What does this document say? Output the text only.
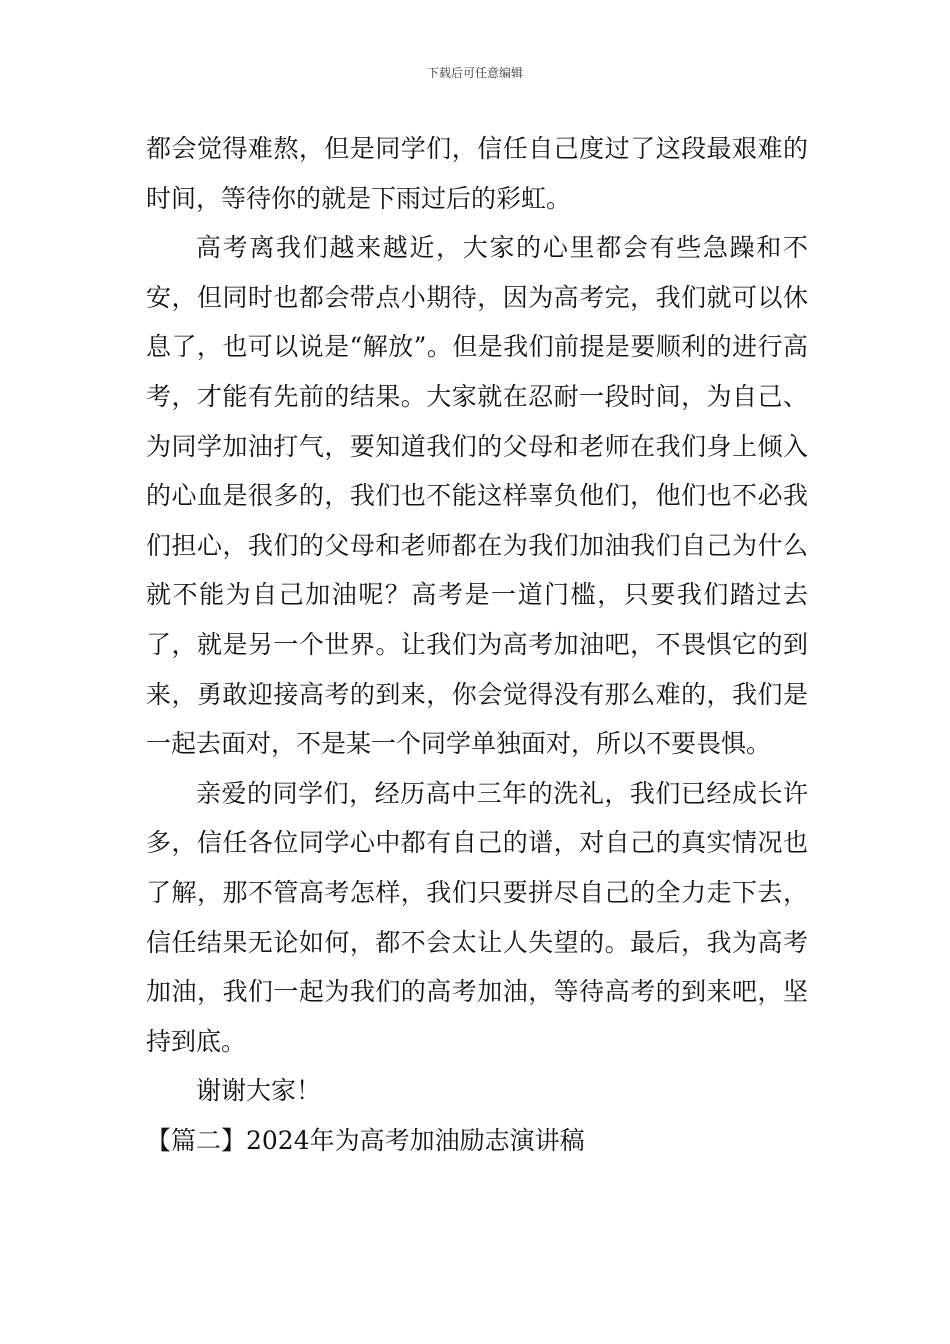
下载后可任意编辑

都会觉得难熬，但是同学们，信任自己度过了这段最艰难的时间，等待你的就是下雨过后的彩虹。

高考离我们越来越近，大家的心里都会有些急躁和不安，但同时也都会带点小期待，因为高考完，我们就可以休息了，也可以说是“解放”。但是我们前提是要顺利的进行高考，才能有先前的结果。大家就在忍耐一段时间，为自己、为同学加油打气，要知道我们的父母和老师在我们身上倾入的心血是很多的，我们也不能这样辜负他们，他们也不必我们担心，我们的父母和老师都在为我们加油我们自己为什么就不能为自己加油呢？高考是一道门槛，只要我们踏过去了，就是另一个世界。让我们为高考加油吧，不畏惧它的到来，勇敢迎接高考的到来，你会觉得没有那么难的，我们是一起去面对，不是某一个同学单独面对，所以不要畏惧。

亲爱的同学们，经历高中三年的洗礼，我们已经成长许多，信任各位同学心中都有自己的谱，对自己的真实情况也了解，那不管高考怎样，我们只要拼尽自己的全力走下去，信任结果无论如何，都不会太让人失望的。最后，我为高考加油，我们一起为我们的高考加油，等待高考的到来吧，坚持到底。

谢谢大家！

【篇二】2024年为高考加油励志演讲稿
